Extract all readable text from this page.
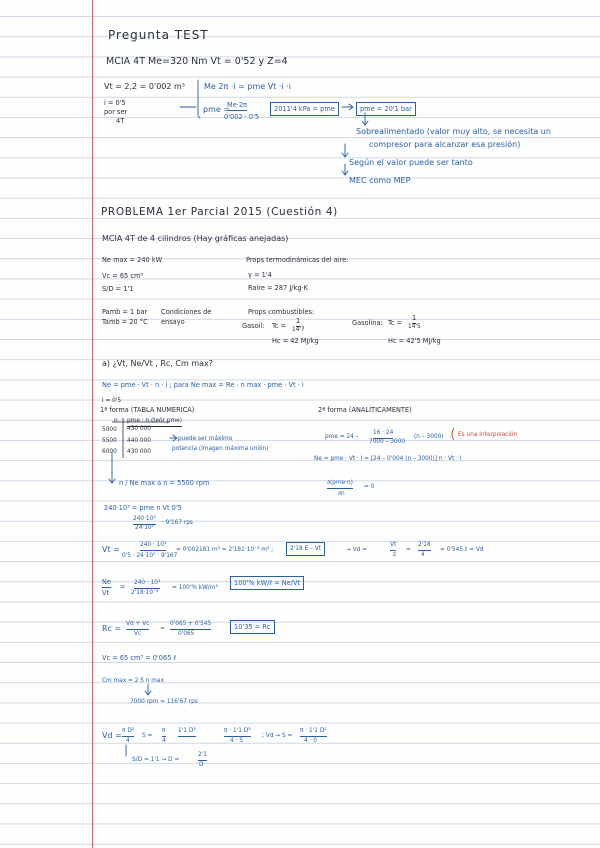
Pregunta TEST
MCIA 4T Me=320 Nm Vt = 0'52 y Z=4
Vt = 2,2 = 0'002 m³
i = 0'5
por ser
4T
Me 2π ·i = pme Vt ·i ·i
pme =
Me·2π
0'002 · 0'5
2011'4 kPa = pme	pme = 20'1 bar
Sobrealimentado (valor muy alto, se necesita un
compresor para alcanzar esa presión)
Según el valor puede ser tanto
MEC como MEP
PROBLEMA 1er Parcial 2015 (Cuestión 4)
MCIA 4T de 4 cilindros (Hay gráficas anejadas)
Ne max = 240 kW
Vc = 65 cm³
S/D = 1'1
Props termodinámicas del aire:
γ = 1'4
Raire = 287 J/kg·K
Pamb = 1 bar
Tamb = 20 °C
Condiciones de
ensayo
Props combustibles:
Gasoil: Tc =
1
14'7
Hc = 42 MJ/kg
Gasolina: Tc =
1
14'5
Hc = 42'5 MJ/kg
a) ¿Vt, Ne/Vt , Rc, Cm max?
Ne = pme · Vt · n · i ; para Ne max = Re · n max · pme · Vt · i
i = 0'5
1ª forma (TABLA NUMÉRICA)
n pme · n (teór pme)
5000 430 000
5500 440 000
6000 430 000
puede ser máximo
potencia (imagen máxima unión)
n / Ne max a n = 5500 rpm
2ª forma (ANALÍTICAMENTE)
pme = 24 –
16 · 24
7000 – 3000
(n – 3000) Es una interpolación
Ne = pme · Vt · i = [24 – 0'004 (n – 3000)] n · Vt · i
∂(pme·n)
∂n
= 0
240·10³ = pme n Vt 0'5
240·10³
24·10⁵
· 9'167 rps
Vt =	240 · 10³
0'5 · 24·10⁵ · 9'167
= 0'002181 m³ = 2'181·10⁻³ m³ ;	2'18 E – Vt	→ Vd =
Vt
z
=
2'18
4
= 0'545 ℓ = Vd
Ne
Vt
= 240 · 10³
2'18·10⁻³
= 100'% kW/m³
100'% kW/ℓ = Ne/Vt
Rc = Vd + Vc
Vc
=
0'065 + 0'545
0'065
10'35 = Rc
Vc = 65 cm³ = 0'065 ℓ
Cm max = 2 S n max
7000 rpm = 116'67 rps
Vd = π D²
4
S =
π
4
1'1 D³	π · 1'1 D³
4 · S
; Vd → S =
π · 1'1 D²
4 · 0
S/D = 1'1 → D =
2'1
D
